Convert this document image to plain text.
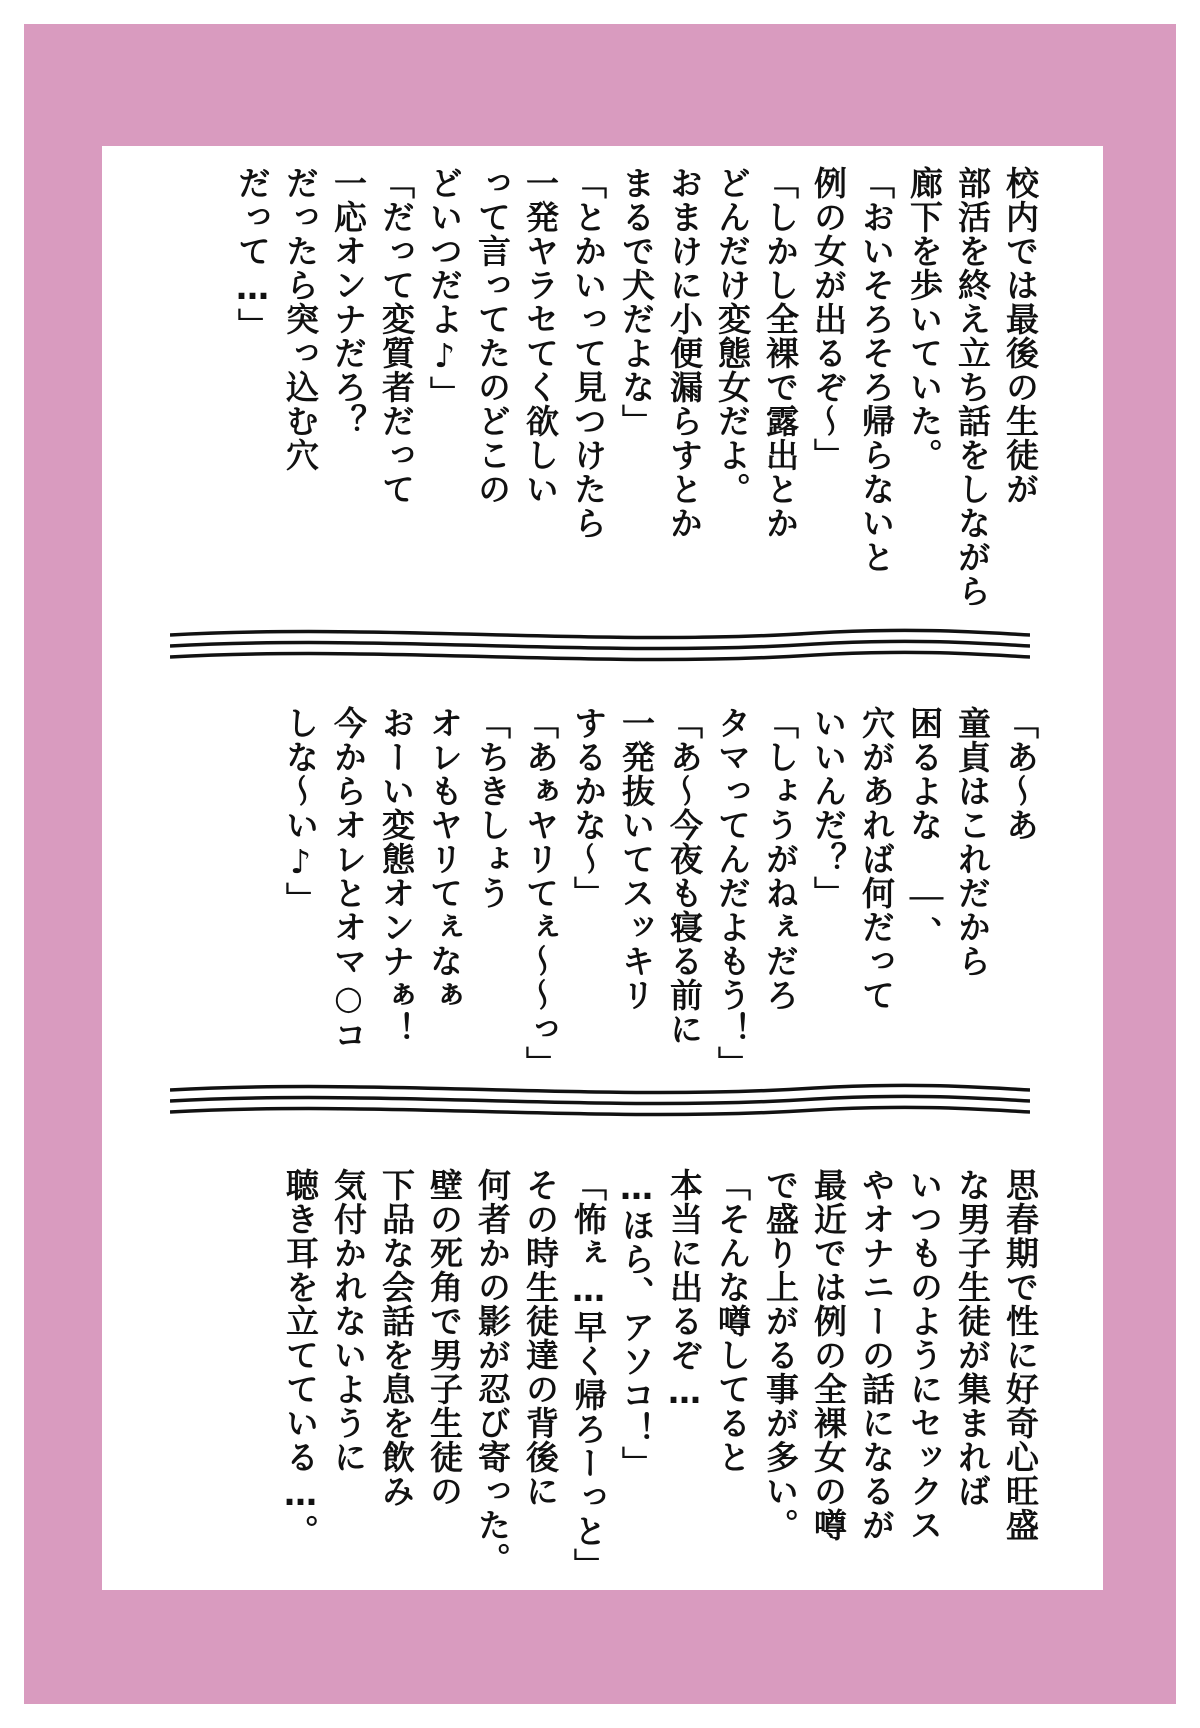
校内では最後の生徒が
部活を終え立ち話をしながら
廊下を歩いていた。
「おいそろそろ帰らないと
例の女が出るぞ～」
「しかし全裸で露出とか
どんだけ変態女だよ。
おまけに小便漏らすとか
まるで犬だよな」
「とかいって見つけたら
一発ヤラセてく欲しい
って言ってたのどこの
どいつだよ♪」
「だって変質者だって
一応オンナだろ？
だったら突っ込む穴
だって…」
「あ～あ
童貞はこれだから
困るよな ｜、
穴があれば何だって
いいんだ？」
「しょうがねぇだろ
タマってんだよもう！」
「あ～今夜も寝る前に
一発抜いてスッキリ
するかな～」
「あぁヤリてぇ～～っ」
「ちきしょう
オレもヤリてぇなぁ
おーい変態オンナぁ！
今からオレとオマ○コ
しな～い♪」
思春期で性に好奇心旺盛
な男子生徒が集まれば
いつものようにセックス
やオナニーの話になるが
最近では例の全裸女の噂
で盛り上がる事が多い。
「そんな噂してると
本当に出るぞ…
…ほら、アソコ！」
「怖ぇ…早く帰ろーっと」
その時生徒達の背後に
何者かの影が忍び寄った。
壁の死角で男子生徒の
下品な会話を息を飲み
気付かれないように
聴き耳を立てている…。
